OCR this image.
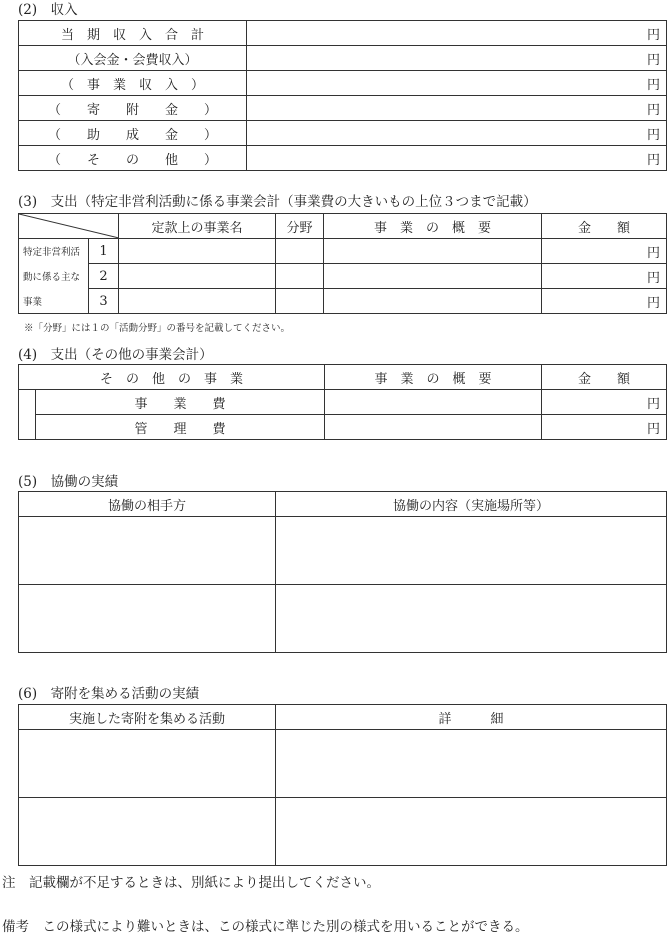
(2)　収入
当　期　収　入　合　計	円
（入会金・会費収入）	円
（　事　業　収　入　）	円
（　　寄　　附　　金　　）	円
（　　助　　成　　金　　）	円
（　　そ　　の　　他　　）	円
(3)　支出（特定非営利活動に係る事業会計（事業費の大きいもの上位３つまで記載）
	定款上の事業名	分野	事　業　の　概　要	金　　額
特定非営利活	1				円
動に係る主な	2				円
事業	3				円
※「分野」には１の「活動分野」の番号を記載してください。
(4)　支出（その他の事業会計）
そ　の　他　の　事　業		事　業　の　概　要	金　　額
	事　　業　　費		円
	管　　理　　費		円
(5)　協働の実績
協働の相手方	協働の内容（実施場所等）

(6)　寄附を集める活動の実績
実施した寄附を集める活動	詳　　　細

注　記載欄が不足するときは、別紙により提出してください。
備考　この様式により難いときは、この様式に準じた別の様式を用いることができる。
